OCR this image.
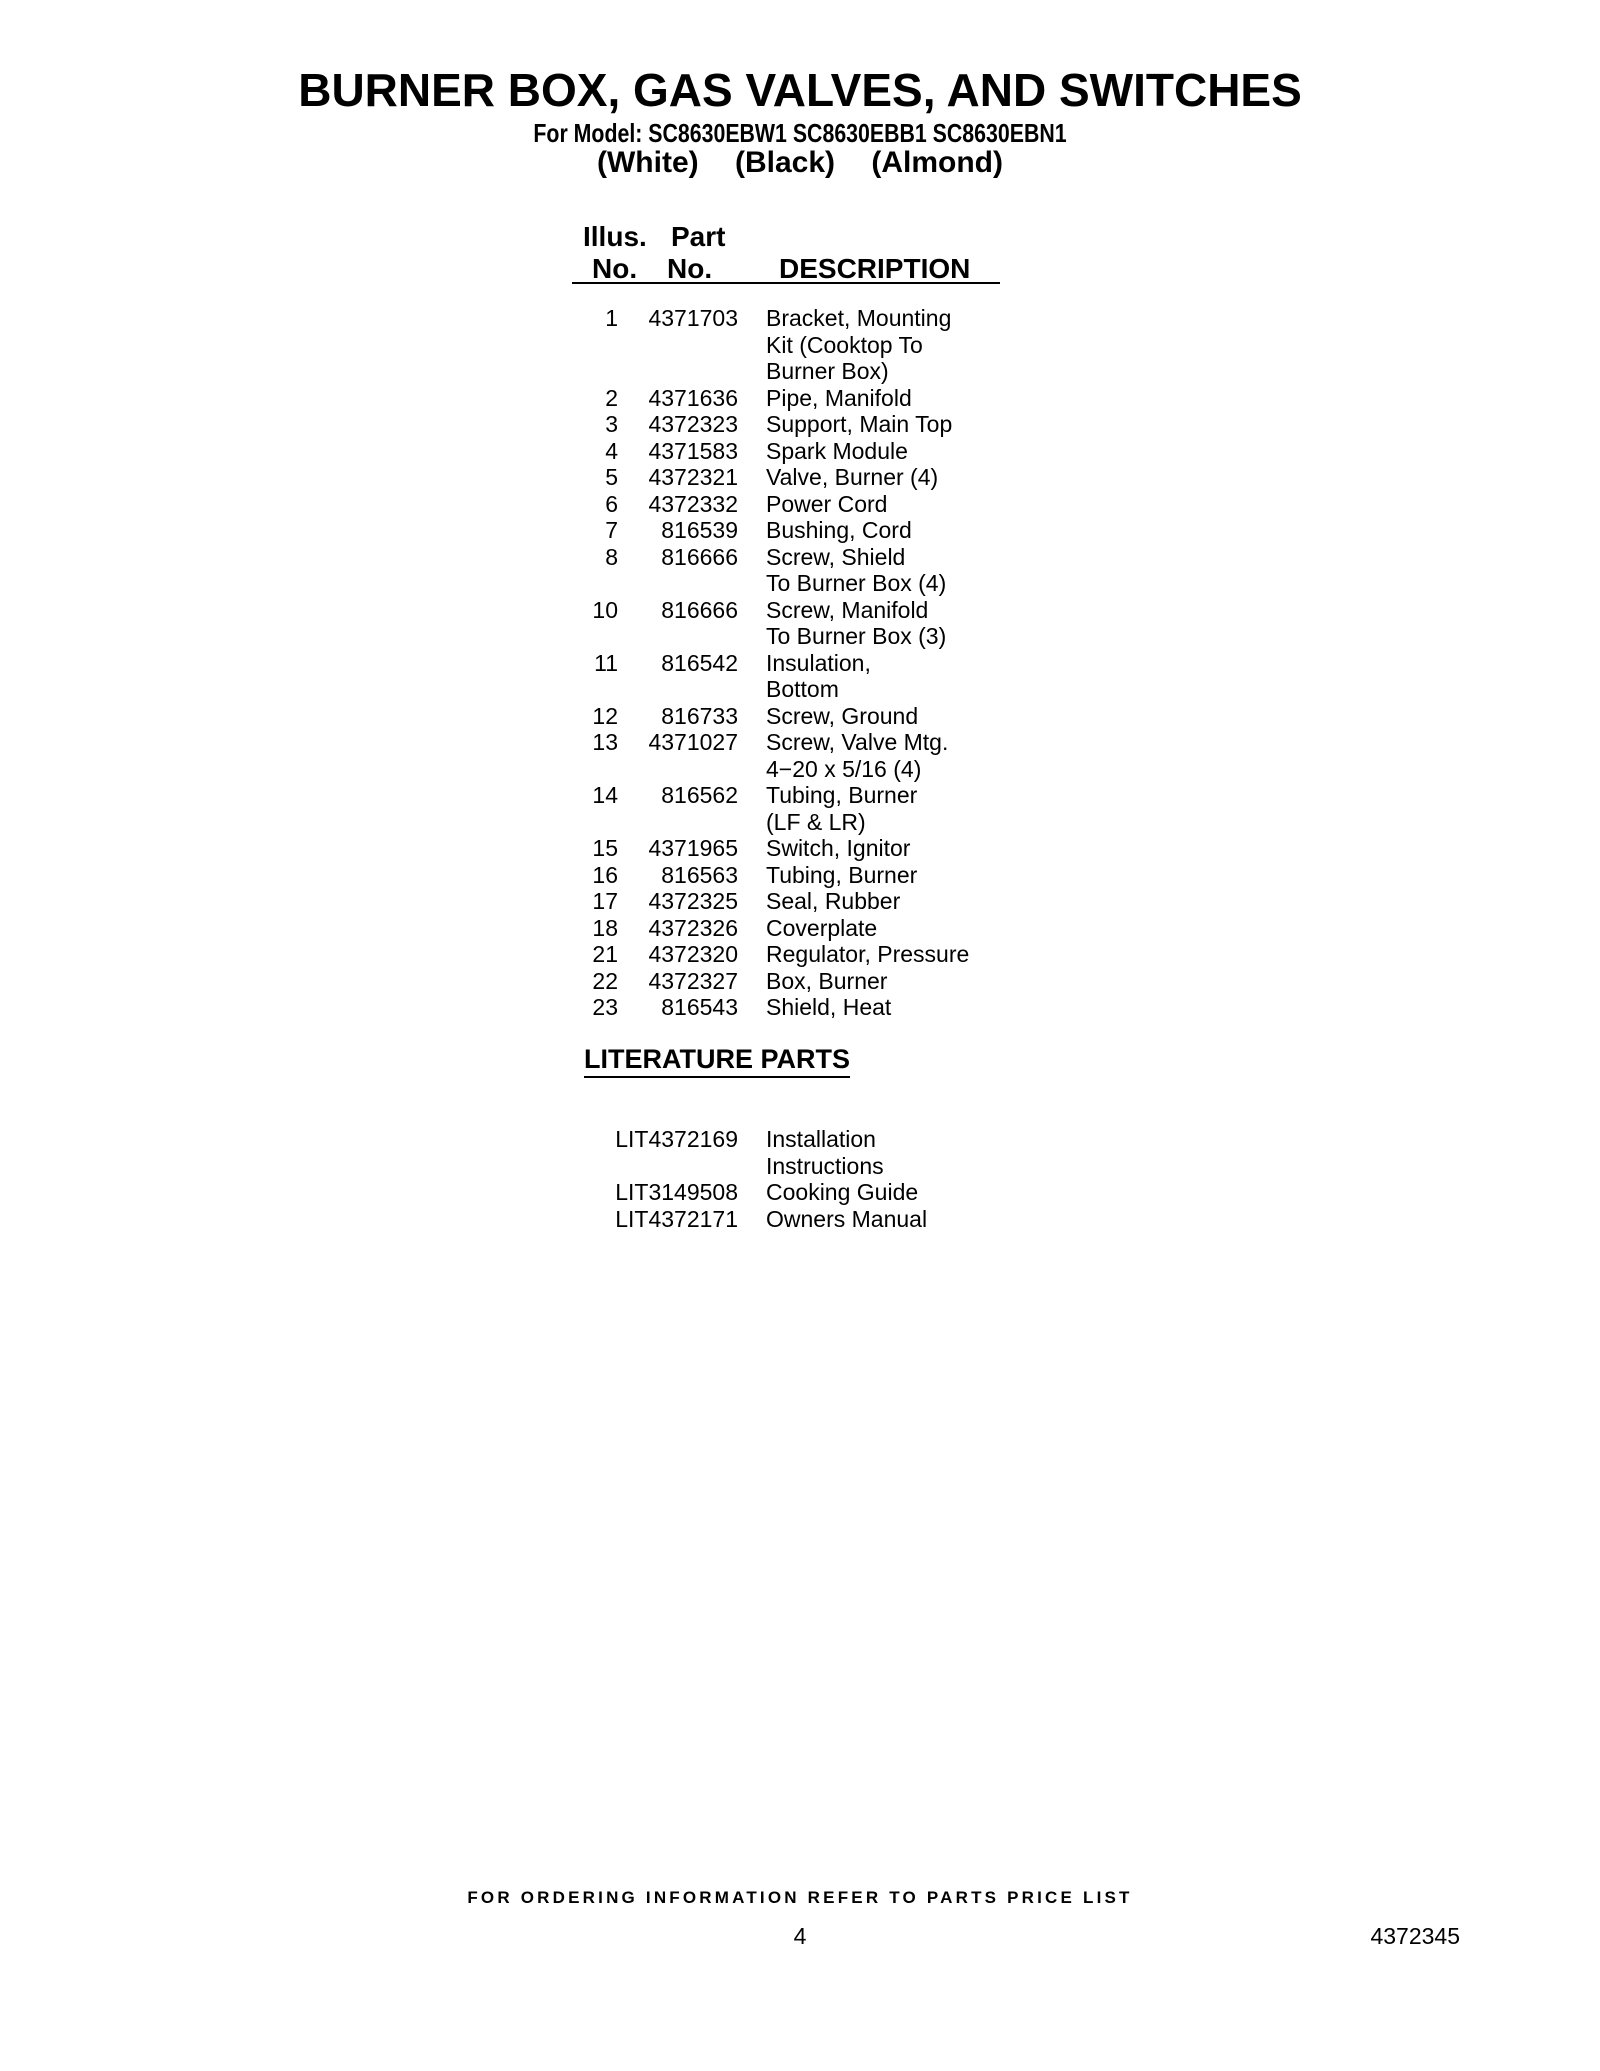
BURNER BOX, GAS VALVES, AND SWITCHES
For Model: SC8630EBW1 SC8630EBB1 SC8630EBN1
(White) (Black) (Almond)
Illus.
No.
Part
No. DESCRIPTION
1 4371703 Bracket, Mounting
Kit (Cooktop To
Burner Box)
2 4371636 Pipe, Manifold
3 4372323 Support, Main Top
4 4371583 Spark Module
5 4372321 Valve, Burner (4)
6 4372332 Power Cord
7 816539 Bushing, Cord
8 816666 Screw, Shield
To Burner Box (4)
10 816666 Screw, Manifold
To Burner Box (3)
11 816542 Insulation,
Bottom
12 816733 Screw, Ground
13 4371027 Screw, Valve Mtg.
4−20 x 5/16 (4)
14 816562 Tubing, Burner
(LF & LR)
15 4371965 Switch, Ignitor
16 816563 Tubing, Burner
17 4372325 Seal, Rubber
18 4372326 Coverplate
21 4372320 Regulator, Pressure
22 4372327 Box, Burner
23 816543 Shield, Heat
LITERATURE PARTS
LIT4372169 Installation
Instructions
LIT3149508 Cooking Guide
LIT4372171 Owners Manual
FOR ORDERING INFORMATION REFER TO PARTS PRICE LIST
4	4372345
